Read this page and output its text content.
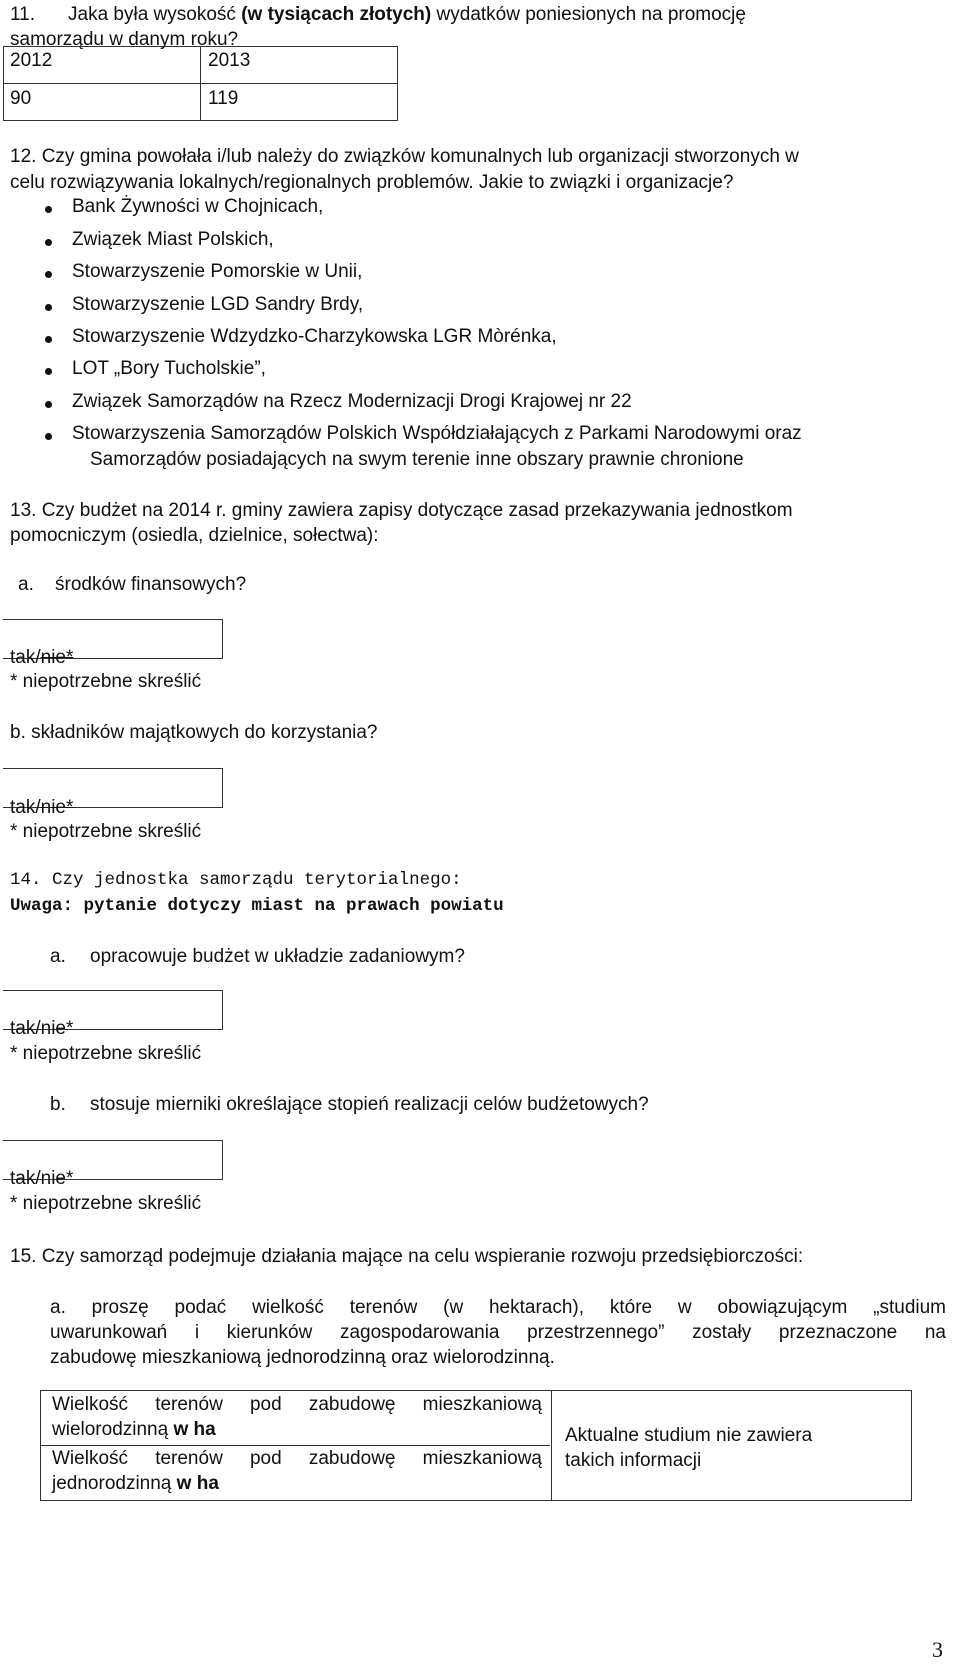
11. Jaka była wysokość (w tysiącach złotych) wydatków poniesionych na promocję
samorządu w danym roku?
2012	2013
90	119
12. Czy gmina powołała i/lub należy do związków komunalnych lub organizacji stworzonych w
celu rozwiązywania lokalnych/regionalnych problemów. Jakie to związki i organizacje?
Bank Żywności w Chojnicach,
Związek Miast Polskich,
Stowarzyszenie Pomorskie w Unii,
Stowarzyszenie LGD Sandry Brdy,
Stowarzyszenie Wdzydzko-Charzykowska LGR Mòrénka,
LOT „Bory Tucholskie”,
Związek Samorządów na Rzecz Modernizacji Drogi Krajowej nr 22
Stowarzyszenia Samorządów Polskich Współdziałających z Parkami Narodowymi oraz
Samorządów posiadających na swym terenie inne obszary prawnie chronione
13. Czy budżet na 2014 r. gminy zawiera zapisy dotyczące zasad przekazywania jednostkom
pomocniczym (osiedla, dzielnice, sołectwa):
a. środków finansowych?
tak/nie*
* niepotrzebne skreślić
b. składników majątkowych do korzystania?
tak/nie*
* niepotrzebne skreślić
14. Czy jednostka samorządu terytorialnego:
Uwaga: pytanie dotyczy miast na prawach powiatu
a. opracowuje budżet w układzie zadaniowym?
tak/nie*
* niepotrzebne skreślić
b. stosuje mierniki określające stopień realizacji celów budżetowych?
tak/nie*
* niepotrzebne skreślić
15. Czy samorząd podejmuje działania mające na celu wspieranie rozwoju przedsiębiorczości:
a. proszę podać wielkość terenów (w hektarach), które w obowiązującym „studium
uwarunkowań i kierunków zagospodarowania przestrzennego” zostały przeznaczone na
zabudowę mieszkaniową jednorodzinną oraz wielorodzinną.
Wielkość terenów pod zabudowę mieszkaniową
wielorodzinną w ha
Wielkość terenów pod zabudowę mieszkaniową
jednorodzinną w ha
Aktualne studium nie zawiera
takich informacji
3
